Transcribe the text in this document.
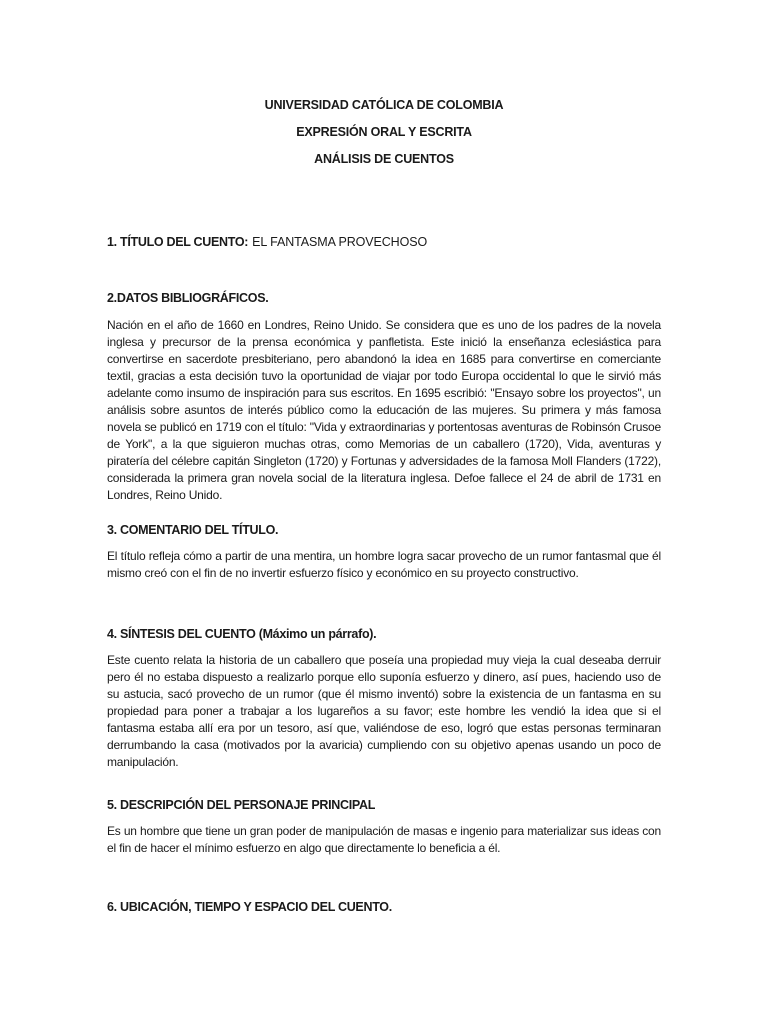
UNIVERSIDAD CATÓLICA DE COLOMBIA
EXPRESIÓN ORAL Y ESCRITA
ANÁLISIS DE CUENTOS
1. TÍTULO DEL CUENTO: EL FANTASMA PROVECHOSO
2.DATOS BIBLIOGRÁFICOS.

Nación en el año de 1660 en Londres, Reino Unido. Se considera que es uno de los padres de la novela inglesa y precursor de la prensa económica y panfletista. Este inició la enseñanza eclesiástica para convertirse en sacerdote presbiteriano, pero abandonó la idea en 1685 para convertirse en comerciante textil, gracias a esta decisión tuvo la oportunidad de viajar por todo Europa occidental lo que le sirvió más adelante como insumo de inspiración para sus escritos. En 1695 escribió: "Ensayo sobre los proyectos", un análisis sobre asuntos de interés público como la educación de las mujeres. Su primera y más famosa novela se publicó en 1719 con el título: "Vida y extraordinarias y portentosas aventuras de Robinsón Crusoe de York", a la que siguieron muchas otras, como Memorias de un caballero (1720), Vida, aventuras y piratería del célebre capitán Singleton (1720) y Fortunas y adversidades de la famosa Moll Flanders (1722), considerada la primera gran novela social de la literatura inglesa. Defoe fallece el 24 de abril de 1731 en Londres, Reino Unido.

3. COMENTARIO DEL TÍTULO.

El título refleja cómo a partir de una mentira, un hombre logra sacar provecho de un rumor fantasmal que él mismo creó con el fin de no invertir esfuerzo físico y económico en su proyecto constructivo.

4. SÍNTESIS DEL CUENTO (Máximo un párrafo).

Este cuento relata la historia de un caballero que poseía una propiedad muy vieja la cual deseaba derruir pero él no estaba dispuesto a realizarlo porque ello suponía esfuerzo y dinero, así pues, haciendo uso de su astucia, sacó provecho de un rumor (que él mismo inventó) sobre la existencia de un fantasma en su propiedad para poner a trabajar a los lugareños a su favor; este hombre les vendió la idea que si el fantasma estaba allí era por un tesoro, así que, valiéndose de eso, logró que estas personas terminaran derrumbando la casa (motivados por la avaricia) cumpliendo con su objetivo apenas usando un poco de manipulación.

5. DESCRIPCIÓN DEL PERSONAJE PRINCIPAL

Es un hombre que tiene un gran poder de manipulación de masas e ingenio para materializar sus ideas con el fin de hacer el mínimo esfuerzo en algo que directamente lo beneficia a él.

6. UBICACIÓN, TIEMPO Y ESPACIO DEL CUENTO.
